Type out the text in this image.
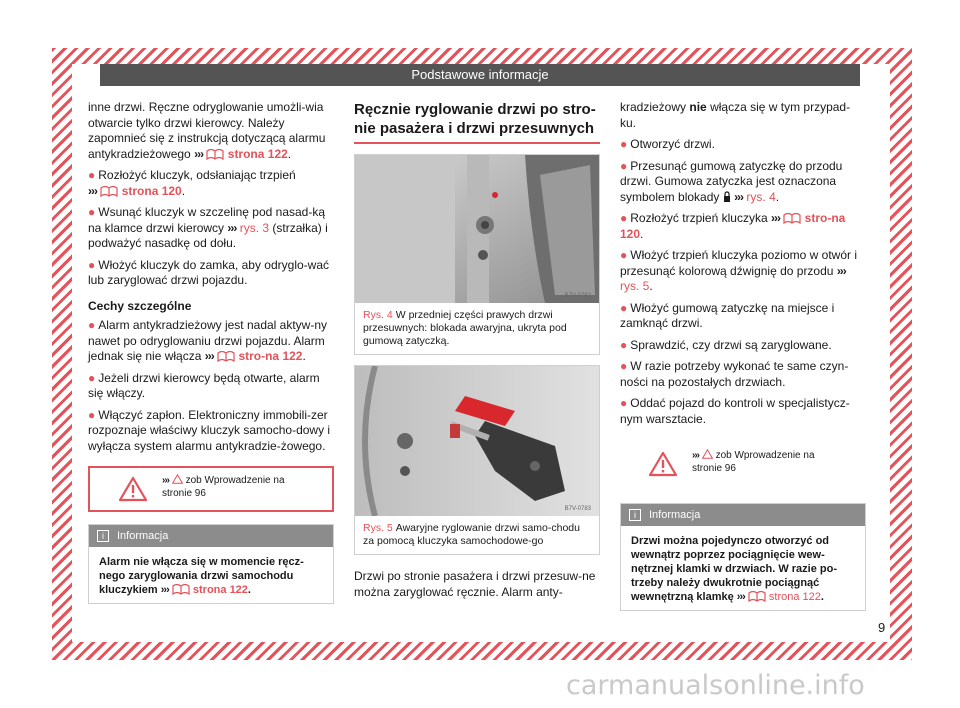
Podstawowe informacje

inne drzwi. Ręczne odryglowanie umożli-wia otwarcie tylko drzwi kierowcy. Należy zapomnieć się z instrukcją dotyczącą alarmu antykradzieżowego ››› strona 122.

● Rozłożyć kluczyk, odsłaniając trzpień
››› strona 120.
● Wsunąć kluczyk w szczelinę pod nasad-ką na klamce drzwi kierowcy ››› rys. 3 (strzałka) i podważyć nasadkę od dołu.
● Włożyć kluczyk do zamka, aby odryglo-wać lub zaryglować drzwi pojazdu.
Cechy szczególne
● Alarm antykradzieżowy jest nadal aktyw-ny nawet po odryglowaniu drzwi pojazdu. Alarm jednak się nie włącza ››› stro-na 122.
● Jeżeli drzwi kierowcy będą otwarte, alarm się włączy.
● Włączyć zapłon. Elektroniczny immobili-zer rozpoznaje właściwy kluczyk samocho-dowy i wyłącza system alarmu antykradzie-żowego.
››› zob Wprowadzenie na stronie 96
i Informacja
Alarm nie włącza się w momencie ręcz-nego zaryglowania drzwi samochodu kluczykiem ››› strona 122.
Ręcznie ryglowanie drzwi po stro-nie pasażera i drzwi przesuwnych
B7V-0782
Rys. 4 W przedniej części prawych drzwi przesuwnych: blokada awaryjna, ukryta pod gumową zatyczką.
B7V-0783
Rys. 5 Awaryjne ryglowanie drzwi samo-chodu za pomocą kluczyka samochodowe-go

Drzwi po stronie pasażera i drzwi przesuw-ne można zaryglować ręcznie. Alarm anty-

kradzieżowy nie włącza się w tym przypad-ku.

● Otworzyć drzwi.
● Przesunąć gumową zatyczkę do przodu drzwi. Gumowa zatyczka jest oznaczona symbolem blokady ››› rys. 4.
● Rozłożyć trzpień kluczyka ››› stro-na 120.
● Włożyć trzpień kluczyka poziomo w otwór i przesunąć kolorową dźwignię do przodu ››› rys. 5.
● Włożyć gumową zatyczkę na miejsce i zamknąć drzwi.
● Sprawdzić, czy drzwi są zaryglowane.
● W razie potrzeby wykonać te same czyn-ności na pozostałych drzwiach.
● Oddać pojazd do kontroli w specjalistycz-nym warsztacie.
››› zob Wprowadzenie na stronie 96
i Informacja
Drzwi można pojedynczo otworzyć od wewnątrz poprzez pociągnięcie wew-nętrznej klamki w drzwiach. W razie po-trzeby należy dwukrotnie pociągnąć wewnętrzną klamkę ››› strona 122.
9
carmanualsonline.info
